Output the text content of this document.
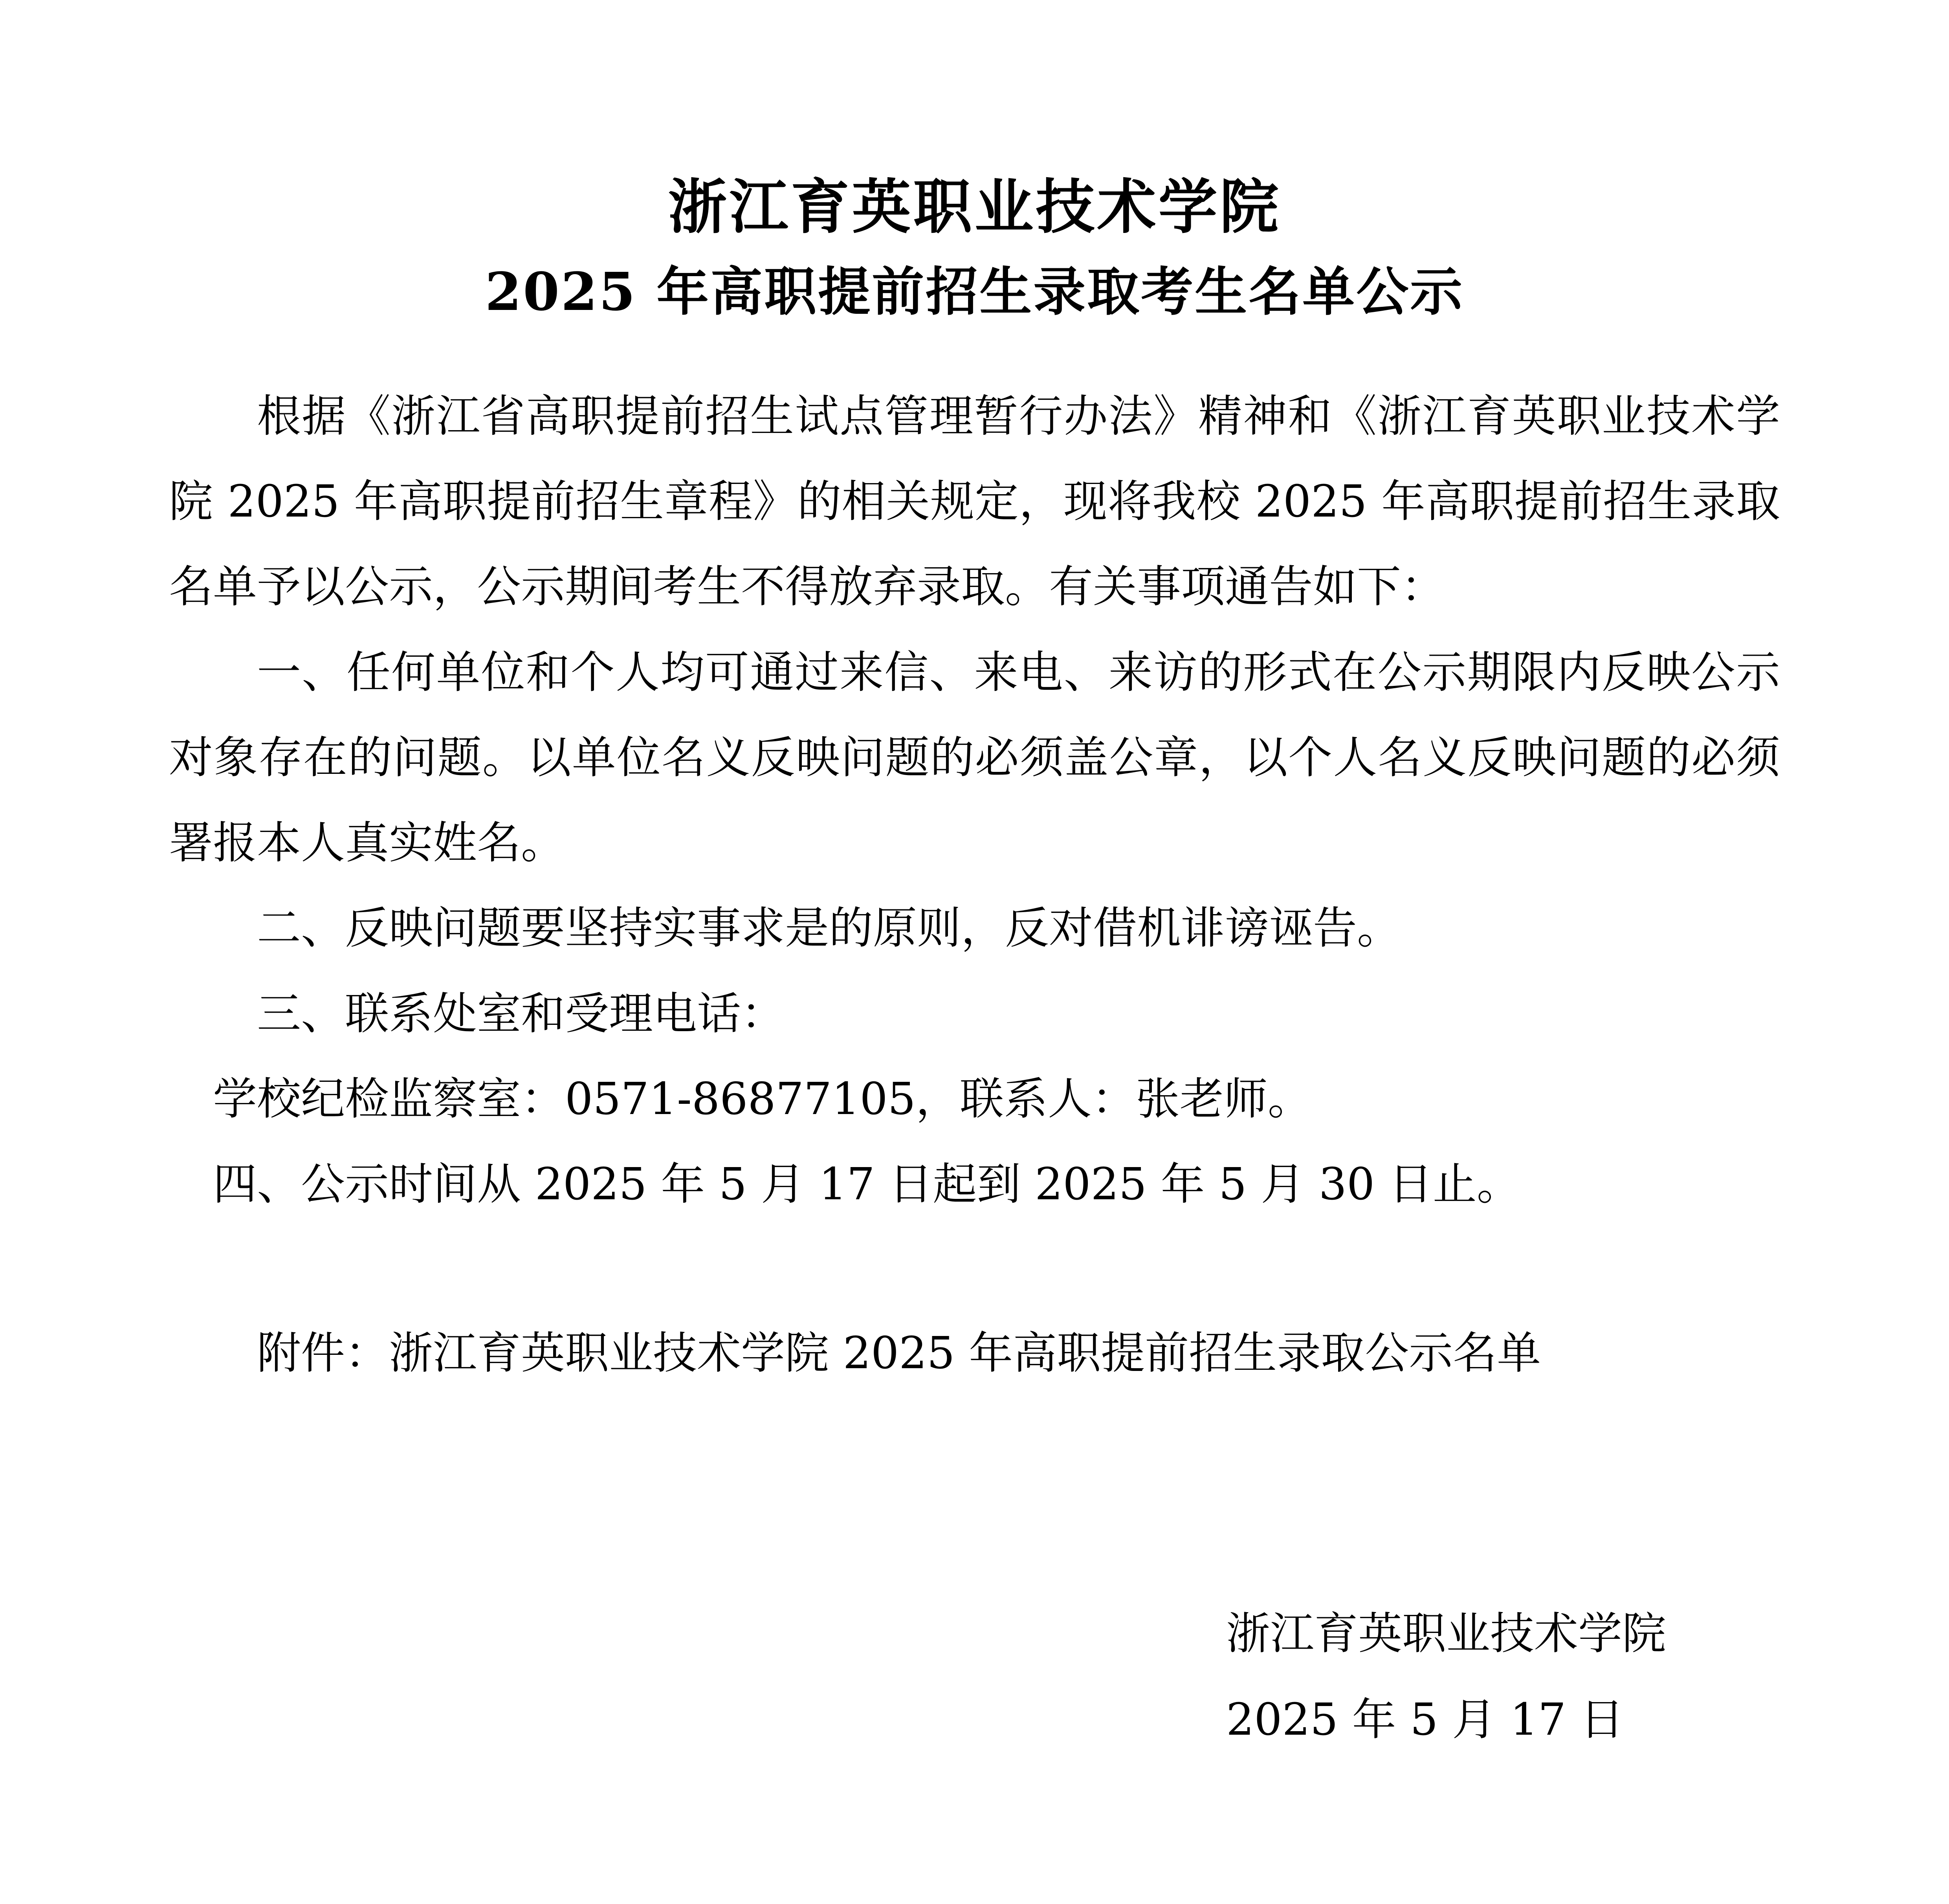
浙江育英职业技术学院
2025 年高职提前招生录取考生名单公示

根据《浙江省高职提前招生试点管理暂行办法》精神和《浙江育英职业技术学院 2025 年高职提前招生章程》的相关规定，现将我校 2025 年高职提前招生录取名单予以公示，公示期间考生不得放弃录取。有关事项通告如下：

一、任何单位和个人均可通过来信、来电、来访的形式在公示期限内反映公示对象存在的问题。以单位名义反映问题的必须盖公章，以个人名义反映问题的必须署报本人真实姓名。

二、反映问题要坚持实事求是的原则，反对借机诽谤诬告。

三、联系处室和受理电话：

学校纪检监察室：0571-86877105，联系人：张老师。

四、公示时间从 2025 年 5 月 17 日起到 2025 年 5 月 30 日止。

附件：浙江育英职业技术学院 2025 年高职提前招生录取公示名单

浙江育英职业技术学院

2025 年 5 月 17 日
